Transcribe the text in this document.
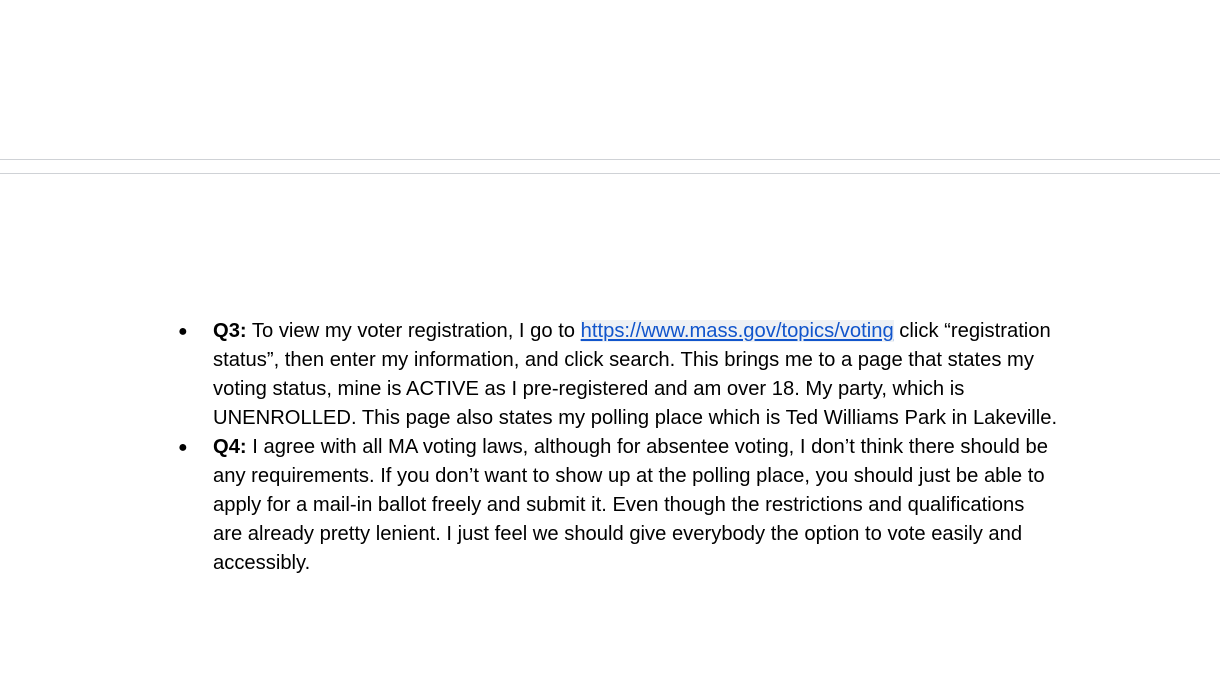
●	Q3: To view my voter registration, I go to https://www.mass.gov/topics/voting click “registration status”, then enter my information, and click search. This brings me to a page that states my voting status, mine is ACTIVE as I pre-registered and am over 18. My party, which is UNENROLLED. This page also states my polling place which is Ted Williams Park in Lakeville.
●	Q4: I agree with all MA voting laws, although for absentee voting, I don’t think there should be any requirements. If you don’t want to show up at the polling place, you should just be able to apply for a mail-in ballot freely and submit it. Even though the restrictions and qualifications are already pretty lenient. I just feel we should give everybody the option to vote easily and accessibly.
